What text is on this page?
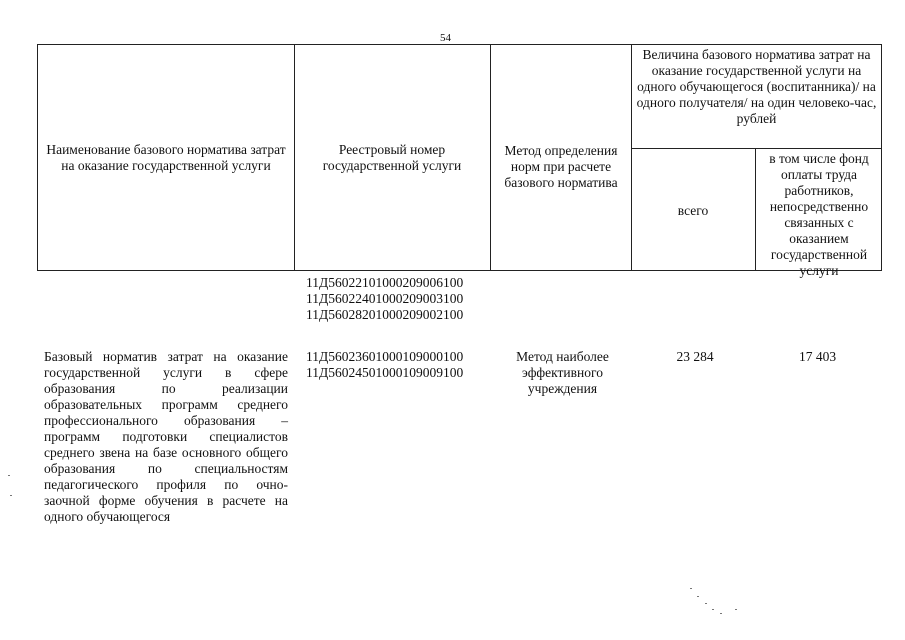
54
Наименование базового норматива затрат на оказание государственной услуги
Реестровый номер государственной услуги
Метод определения норм при расчете базового норматива
Величина базового норматива затрат на оказание государственной услуги на одного обучающегося (воспитанника)/ на одного получателя/ на один человеко-час, рублей
всего
в том числе фонд оплаты труда работников, непосредственно связанных с оказанием государственной услуги
11Д56022101000209006100
11Д56022401000209003100
11Д56028201000209002100
Базовый норматив затрат на оказание государственной услуги в сфере образования по реализации образовательных программ среднего профессионального образования – программ подготовки специалистов среднего звена на базе основного общего образования по специальностям педагогического профиля по очно-заочной форме обучения в расчете на одного обучающегося
11Д56023601000109000100
11Д56024501000109009100
Метод наиболее эффективного учреждения
23 284	17 403
